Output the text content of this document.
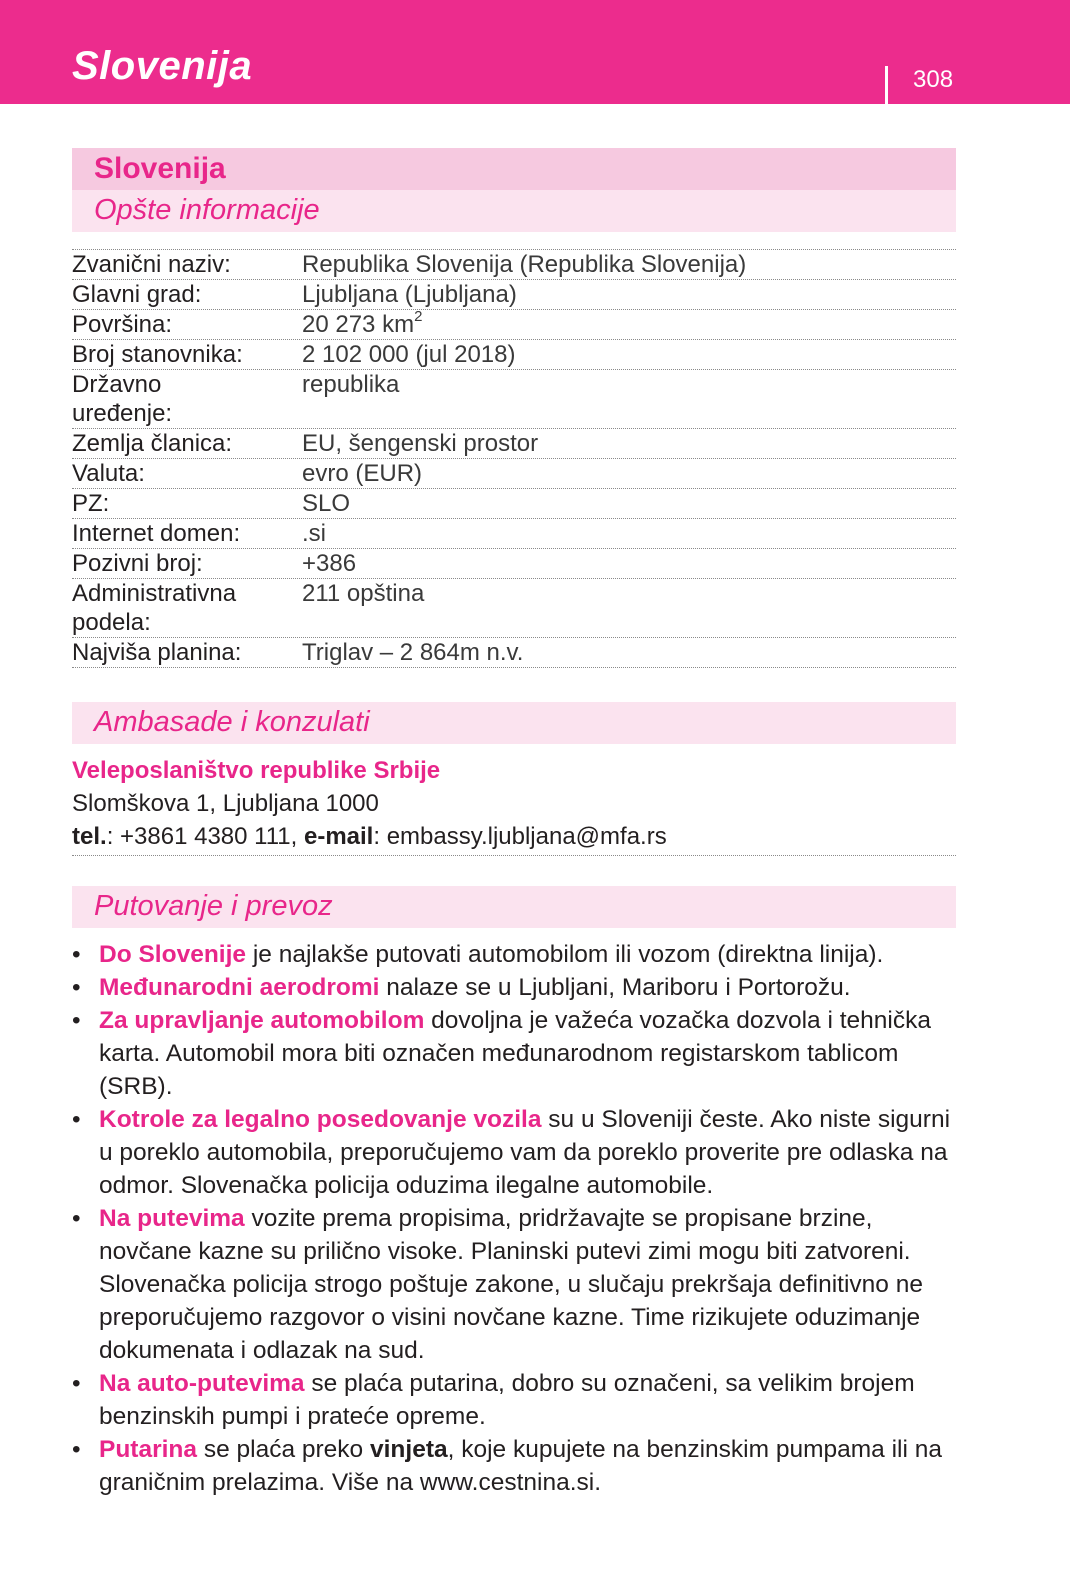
Slovenija	308
Slovenija
Opšte informacije
Zvanični naziv:	Republika Slovenija (Republika Slovenija)
Glavni grad:	Ljubljana (Ljubljana)
Površina:	20 273 $km^2$
Broj stanovnika: 2 102 000 (jul 2018)
Državno uređenje:republika
Zemlja članica:	EU, šengenski prostor
Valuta:	evro (EUR)
PZ:	SLO
Internet domen:	.si
Pozivni broj:	+386
Administrativna podela:211 opština
Najviša planina:	Triglav – 2 864m n.v.
Ambasade i konzulati
Veleposlaništvo republike Srbije
Slomškova 1, Ljubljana 1000
tel.: +3861 4380 111, e-mail: embassy.ljubljana@mfa.rs
Putovanje i prevoz
• Do Slovenije je najlakše putovati automobilom ili vozom (direktna linija).
• Međunarodni aerodromi nalaze se u Ljubljani, Mariboru i Portorožu.
• Za upravljanje automobilom dovoljna je važeća vozačka dozvola i tehnička karta. Automobil mora biti označen međunarodnom registarskom tablicom (SRB).
• Kotrole za legalno posedovanje vozila su u Sloveniji česte. Ako niste sigurni u poreklo automobila, preporučujemo vam da poreklo proverite pre odlaska na odmor. Slovenačka policija oduzima ilegalne automobile.
• Na putevima vozite prema propisima, pridržavajte se propisane brzine, novčane kazne su prilično visoke. Planinski putevi zimi mogu biti zatvoreni. Slovenačka policija strogo poštuje zakone, u slučaju prekršaja definitivno ne preporučujemo razgovor o visini novčane kazne. Time rizikujete oduzimanje dokumenata i odlazak na sud.
• Na auto-putevima se plaća putarina, dobro su označeni, sa velikim brojem benzinskih pumpi i prateće opreme.
• Putarina se plaća preko vinjeta, koje kupujete na benzinskim pumpama ili na graničnim prelazima. Više na www.cestnina.si.
